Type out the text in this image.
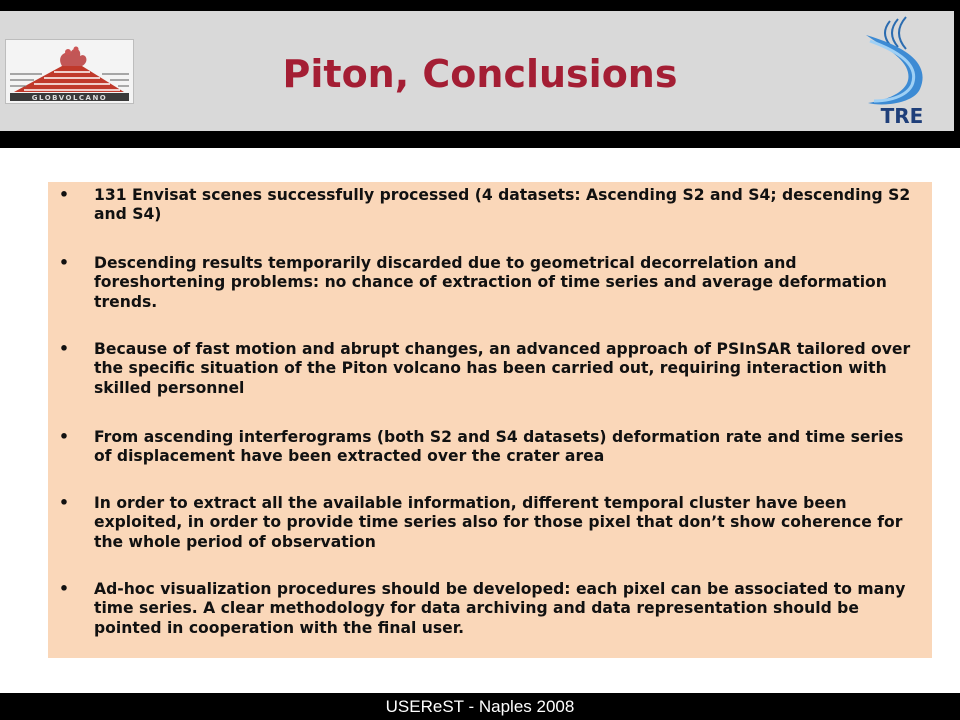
GLOBVOLCANO
TRE
Piton, Conclusions
• 131 Envisat scenes successfully processed (4 datasets: Ascending S2 and S4; descending S2 and S4)
• Descending results temporarily discarded due to geometrical decorrelation and foreshortening problems: no chance of extraction of time series and average deformation trends.
• Because of fast motion and abrupt changes, an advanced approach of PSInSAR tailored over the specific situation of the Piton volcano has been carried out, requiring interaction with skilled personnel
• From ascending interferograms (both S2 and S4 datasets) deformation rate and time series of displacement have been extracted over the crater area
• In order to extract all the available information, different temporal cluster have been exploited, in order to provide time series also for those pixel that don’t show coherence for the whole period of observation
• Ad-hoc visualization procedures should be developed: each pixel can be associated to many time series. A clear methodology for data archiving and data representation should be pointed in cooperation with the final user.
USEReST - Naples 2008
